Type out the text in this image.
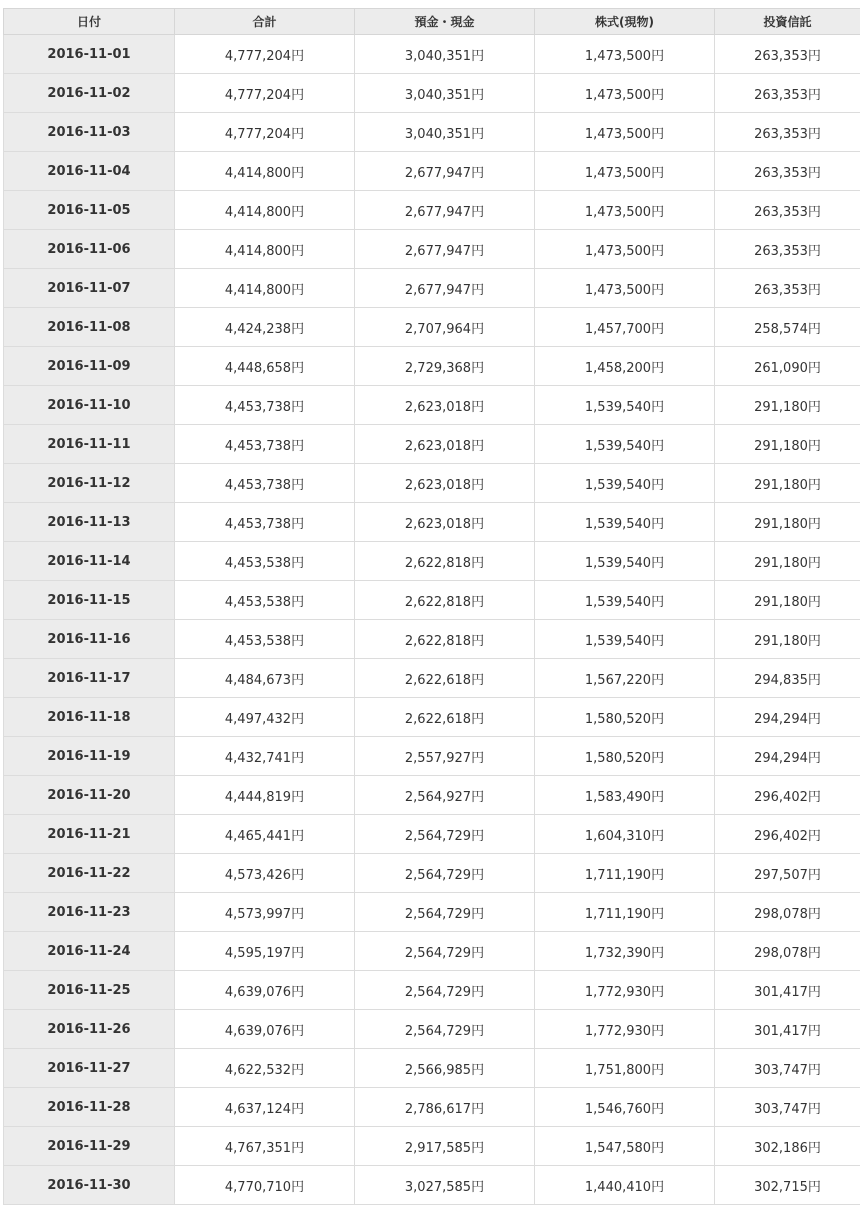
日付	合計	預金・現金	株式(現物)	投資信託
2016-11-01	4,777,204円	3,040,351円	1,473,500円	263,353円
2016-11-02	4,777,204円	3,040,351円	1,473,500円	263,353円
2016-11-03	4,777,204円	3,040,351円	1,473,500円	263,353円
2016-11-04	4,414,800円	2,677,947円	1,473,500円	263,353円
2016-11-05	4,414,800円	2,677,947円	1,473,500円	263,353円
2016-11-06	4,414,800円	2,677,947円	1,473,500円	263,353円
2016-11-07	4,414,800円	2,677,947円	1,473,500円	263,353円
2016-11-08	4,424,238円	2,707,964円	1,457,700円	258,574円
2016-11-09	4,448,658円	2,729,368円	1,458,200円	261,090円
2016-11-10	4,453,738円	2,623,018円	1,539,540円	291,180円
2016-11-11	4,453,738円	2,623,018円	1,539,540円	291,180円
2016-11-12	4,453,738円	2,623,018円	1,539,540円	291,180円
2016-11-13	4,453,738円	2,623,018円	1,539,540円	291,180円
2016-11-14	4,453,538円	2,622,818円	1,539,540円	291,180円
2016-11-15	4,453,538円	2,622,818円	1,539,540円	291,180円
2016-11-16	4,453,538円	2,622,818円	1,539,540円	291,180円
2016-11-17	4,484,673円	2,622,618円	1,567,220円	294,835円
2016-11-18	4,497,432円	2,622,618円	1,580,520円	294,294円
2016-11-19	4,432,741円	2,557,927円	1,580,520円	294,294円
2016-11-20	4,444,819円	2,564,927円	1,583,490円	296,402円
2016-11-21	4,465,441円	2,564,729円	1,604,310円	296,402円
2016-11-22	4,573,426円	2,564,729円	1,711,190円	297,507円
2016-11-23	4,573,997円	2,564,729円	1,711,190円	298,078円
2016-11-24	4,595,197円	2,564,729円	1,732,390円	298,078円
2016-11-25	4,639,076円	2,564,729円	1,772,930円	301,417円
2016-11-26	4,639,076円	2,564,729円	1,772,930円	301,417円
2016-11-27	4,622,532円	2,566,985円	1,751,800円	303,747円
2016-11-28	4,637,124円	2,786,617円	1,546,760円	303,747円
2016-11-29	4,767,351円	2,917,585円	1,547,580円	302,186円
2016-11-30	4,770,710円	3,027,585円	1,440,410円	302,715円
